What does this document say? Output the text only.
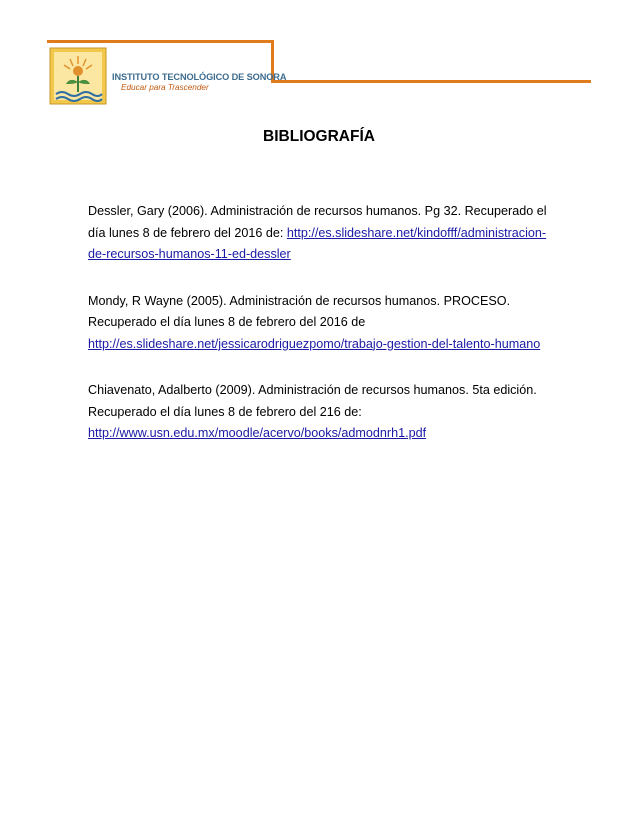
INSTITUTO TECNOLÓGICO DE SONORA
Educar para Trascender
BIBLIOGRAFÍA

Dessler, Gary (2006). Administración de recursos humanos. Pg 32. Recuperado el

día lunes 8 de febrero del 2016 de: http://es.slideshare.net/kindofff/administracion-

de-recursos-humanos-11-ed-dessler

Mondy, R Wayne (2005). Administración de recursos humanos. PROCESO.

Recuperado el día lunes 8 de febrero del 2016 de

http://es.slideshare.net/jessicarodriguezpomo/trabajo-gestion-del-talento-humano

Chiavenato, Adalberto (2009). Administración de recursos humanos. 5ta edición.

Recuperado el día lunes 8 de febrero del 216 de:

http://www.usn.edu.mx/moodle/acervo/books/admodnrh1.pdf
